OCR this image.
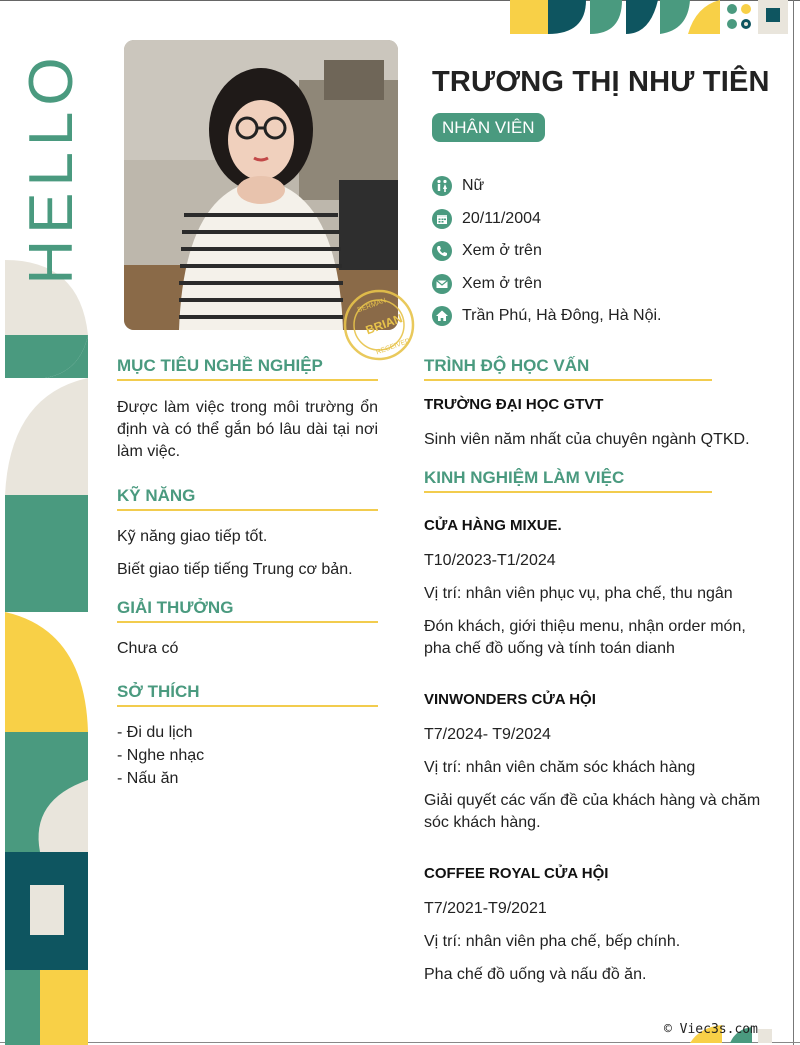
HELLO
BERMAN
BRIAN
RECEIVED
TRƯƠNG THỊ NHƯ TIÊN
NHÂN VIÊN
Nữ
20/11/2004
Xem ở trên
Xem ở trên
Trần Phú, Hà Đông, Hà Nội.
MỤC TIÊU NGHỀ NGHIỆP

Được làm việc trong môi trường ổn định và có thể gắn bó lâu dài tại nơi làm việc.

KỸ NĂNG

Kỹ năng giao tiếp tốt.

Biết giao tiếp tiếng Trung cơ bản.

GIẢI THƯỞNG

Chưa có

SỞ THÍCH

- Đi du lịch

- Nghe nhạc

- Nấu ăn

TRÌNH ĐỘ HỌC VẤN

TRƯỜNG ĐẠI HỌC GTVT

Sinh viên năm nhất của chuyên ngành QTKD.

KINH NGHIỆM LÀM VIỆC

CỬA HÀNG MIXUE.

T10/2023-T1/2024

Vị trí: nhân viên phục vụ, pha chế, thu ngân

Đón khách, giới thiệu menu, nhận order món, pha chế đồ uống và tính toán dianh

VINWONDERS CỬA HỘI

T7/2024- T9/2024

Vị trí: nhân viên chăm sóc khách hàng

Giải quyết các vấn đề của khách hàng và chăm sóc khách hàng.

COFFEE ROYAL CỬA HỘI

T7/2021-T9/2021

Vị trí: nhân viên pha chế, bếp chính.

Pha chế đồ uống và nấu đồ ăn.

© Viec3s.com
